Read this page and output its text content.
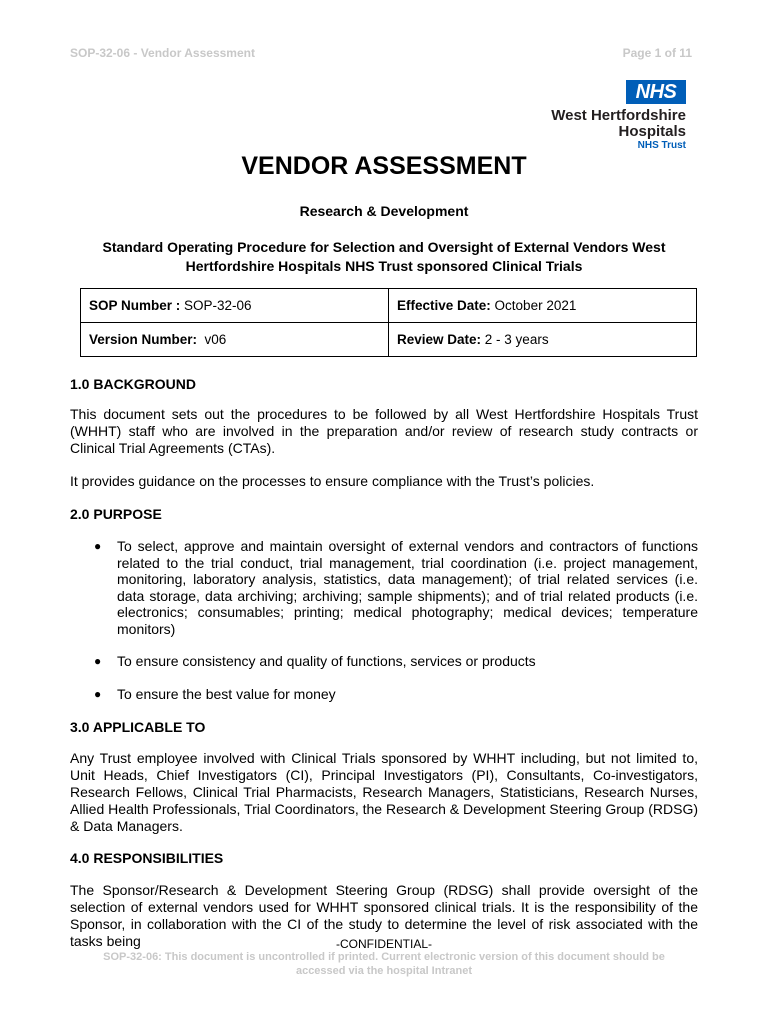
SOP-32-06 - Vendor Assessment	Page 1 of 11
NHS
West Hertfordshire
Hospitals
NHS Trust
VENDOR ASSESSMENT
Research & Development
Standard Operating Procedure for Selection and Oversight of External Vendors West Hertfordshire Hospitals NHS Trust sponsored Clinical Trials
SOP Number : SOP-32-06	Effective Date: October 2021
Version Number:  v06	Review Date: 2 - 3 years
1.0 BACKGROUND
This document sets out the procedures to be followed by all West Hertfordshire Hospitals Trust (WHHT) staff who are involved in the preparation and/or review of research study contracts or Clinical Trial Agreements (CTAs).
It provides guidance on the processes to ensure compliance with the Trust’s policies.
2.0 PURPOSE
● To select, approve and maintain oversight of external vendors and contractors of functions related to the trial conduct, trial management, trial coordination (i.e. project management, monitoring, laboratory analysis, statistics, data management); of trial related services (i.e. data storage, data archiving; archiving; sample shipments); and of trial related products (i.e. electronics; consumables; printing; medical photography; medical devices; temperature monitors)
● To ensure consistency and quality of functions, services or products
● To ensure the best value for money
3.0 APPLICABLE TO
Any Trust employee involved with Clinical Trials sponsored by WHHT including, but not limited to, Unit Heads, Chief Investigators (CI), Principal Investigators (PI), Consultants, Co-investigators, Research Fellows, Clinical Trial Pharmacists, Research Managers, Statisticians, Research Nurses, Allied Health Professionals, Trial Coordinators, the Research & Development Steering Group (RDSG) & Data Managers.
4.0 RESPONSIBILITIES
The Sponsor/Research & Development Steering Group (RDSG) shall provide oversight of the selection of external vendors used for WHHT sponsored clinical trials. It is the responsibility of the Sponsor, in collaboration with the CI of the study to determine the level of risk associated with the tasks being	-CONFIDENTIAL-
SOP-32-06: This document is uncontrolled if printed. Current electronic version of this document should be accessed via the hospital Intranet
